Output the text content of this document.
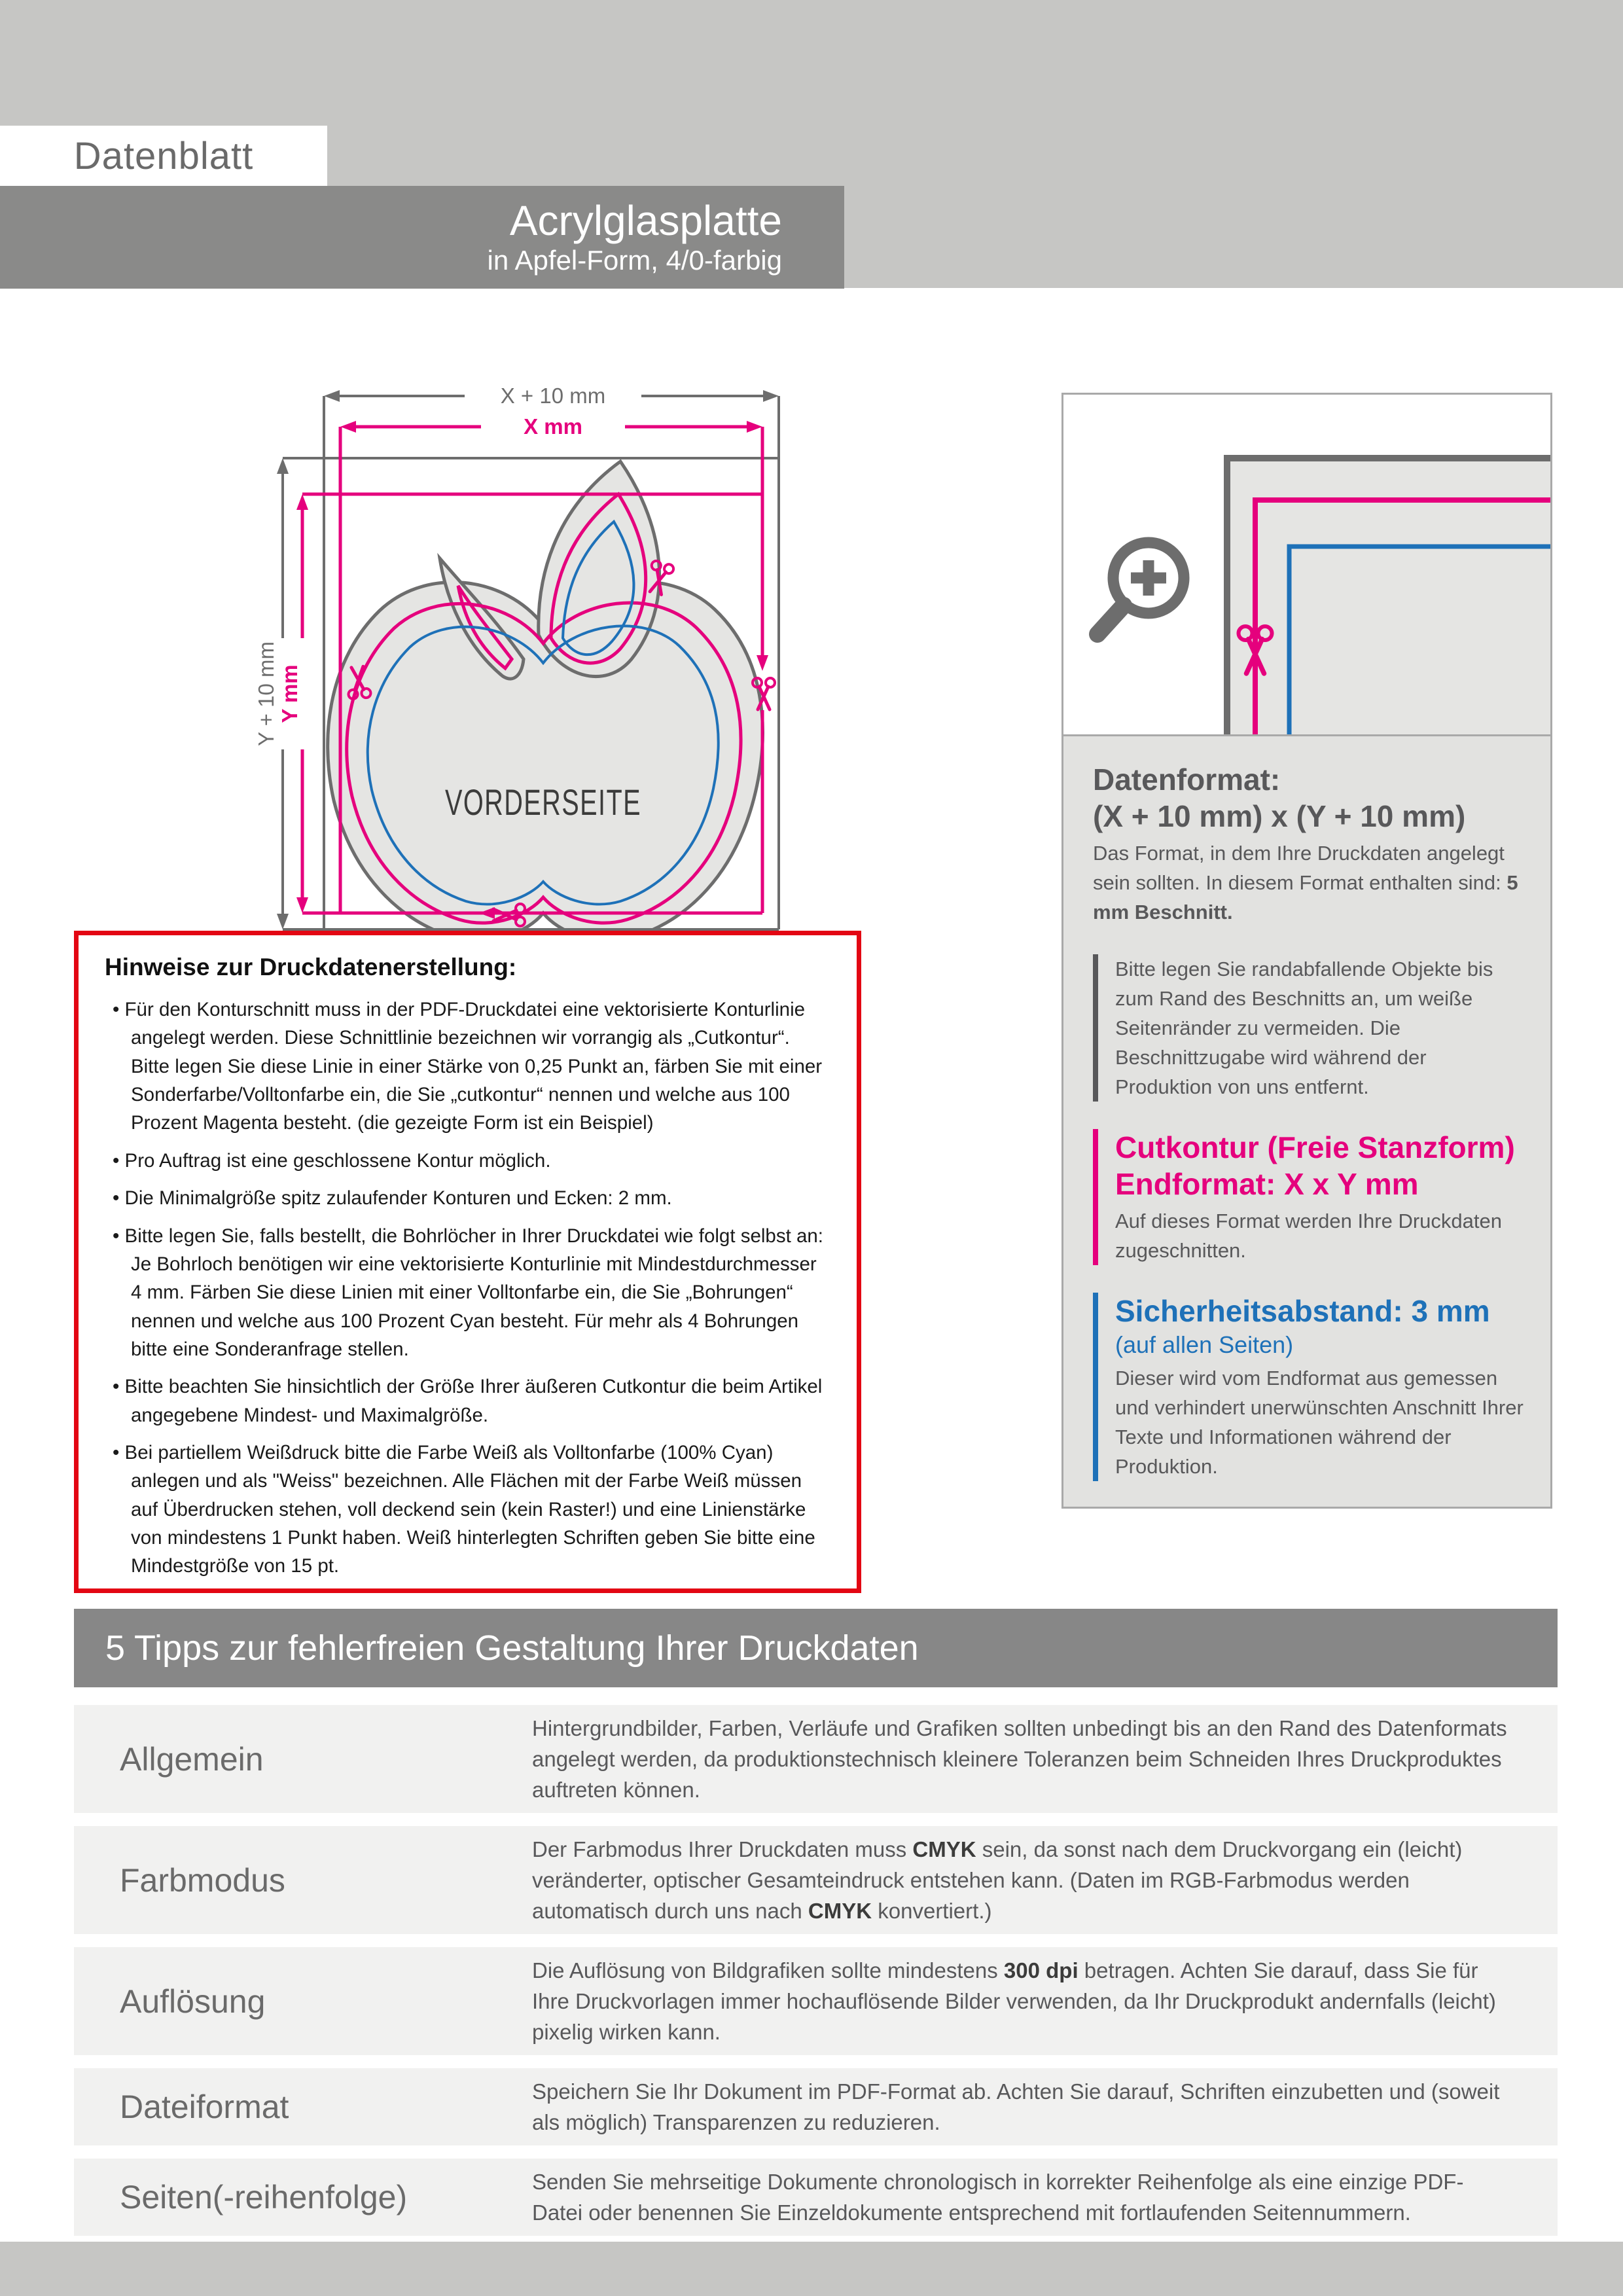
Datenblatt
Acrylglasplatte
in Apfel-Form, 4/0-farbig
X + 10 mm
Y + 10 mm
X mm
Y mm
VORDERSEITE
Datenformat:
(X + 10 mm) x (Y + 10 mm)

Das Format, in dem Ihre Druckdaten angelegt sein sollten. In diesem Format enthalten sind: 5 mm Beschnitt.

Bitte legen Sie randabfallende Objekte bis zum Rand des Beschnitts an, um weiße Seitenränder zu vermeiden. Die Beschnittzugabe wird während der Produktion von uns entfernt.

Cutkontur (Freie Stanzform)
Endformat: X x Y mm

Auf dieses Format werden Ihre Druckdaten zugeschnitten.

Sicherheitsabstand: 3 mm
(auf allen Seiten)

Dieser wird vom Endformat aus gemessen und verhindert unerwünschten Anschnitt Ihrer Texte und Informationen während der Produktion.

Hinweise zur Druckdatenerstellung:
• Für den Konturschnitt muss in der PDF-Druckdatei eine vektorisierte Konturlinie angelegt werden. Diese Schnittlinie bezeichnen wir vorrangig als „Cutkontur“. Bitte legen Sie diese Linie in einer Stärke von 0,25 Punkt an, färben Sie mit einer Sonderfarbe/Volltonfarbe ein, die Sie „cutkontur“ nennen und welche aus 100 Prozent Magenta besteht. (die gezeigte Form ist ein Beispiel)
• Pro Auftrag ist eine geschlossene Kontur möglich.
• Die Minimalgröße spitz zulaufender Konturen und Ecken: 2 mm.
• Bitte legen Sie, falls bestellt, die Bohrlöcher in Ihrer Druckdatei wie folgt selbst an: Je Bohrloch benötigen wir eine vektorisierte Konturlinie mit Mindestdurchmesser 4 mm. Färben Sie diese Linien mit einer Volltonfarbe ein, die Sie „Bohrungen“ nennen und welche aus 100 Prozent Cyan besteht. Für mehr als 4 Bohrungen bitte eine Sonderanfrage stellen.
• Bitte beachten Sie hinsichtlich der Größe Ihrer äußeren Cutkontur die beim Artikel angegebene Mindest- und Maximalgröße.
• Bei partiellem Weißdruck bitte die Farbe Weiß als Volltonfarbe (100% Cyan) anlegen und als "Weiss" bezeichnen. Alle Flächen mit der Farbe Weiß müssen auf Überdrucken stehen, voll deckend sein (kein Raster!) und eine Linienstärke von mindestens 1 Punkt haben. Weiß hinterlegten Schriften geben Sie bitte eine Mindestgröße von 15 pt.
5 Tipps zur fehlerfreien Gestaltung Ihrer Druckdaten
Allgemein
Hintergrundbilder, Farben, Verläufe und Grafiken sollten unbedingt bis an den Rand des Datenformats angelegt werden, da produktionstechnisch kleinere Toleranzen beim Schneiden Ihres Druckproduktes auftreten können.
Farbmodus
Der Farbmodus Ihrer Druckdaten muss CMYK sein, da sonst nach dem Druckvorgang ein (leicht) veränderter, optischer Gesamteindruck entstehen kann. (Daten im RGB-Farbmodus werden automatisch durch uns nach CMYK konvertiert.)
Auflösung
Die Auflösung von Bildgrafiken sollte mindestens 300 dpi betragen. Achten Sie darauf, dass Sie für Ihre Druckvorlagen immer hochauflösende Bilder verwenden, da Ihr Druckprodukt andernfalls (leicht) pixelig wirken kann.
Dateiformat	Speichern Sie Ihr Dokument im PDF-Format ab. Achten Sie darauf, Schriften einzubetten und (soweit als möglich) Transparenzen zu reduzieren.
Seiten(-reihenfolge)	Senden Sie mehrseitige Dokumente chronologisch in korrekter Reihenfolge als eine einzige PDF-Datei oder benennen Sie Einzeldokumente entsprechend mit fortlaufenden Seitennummern.
